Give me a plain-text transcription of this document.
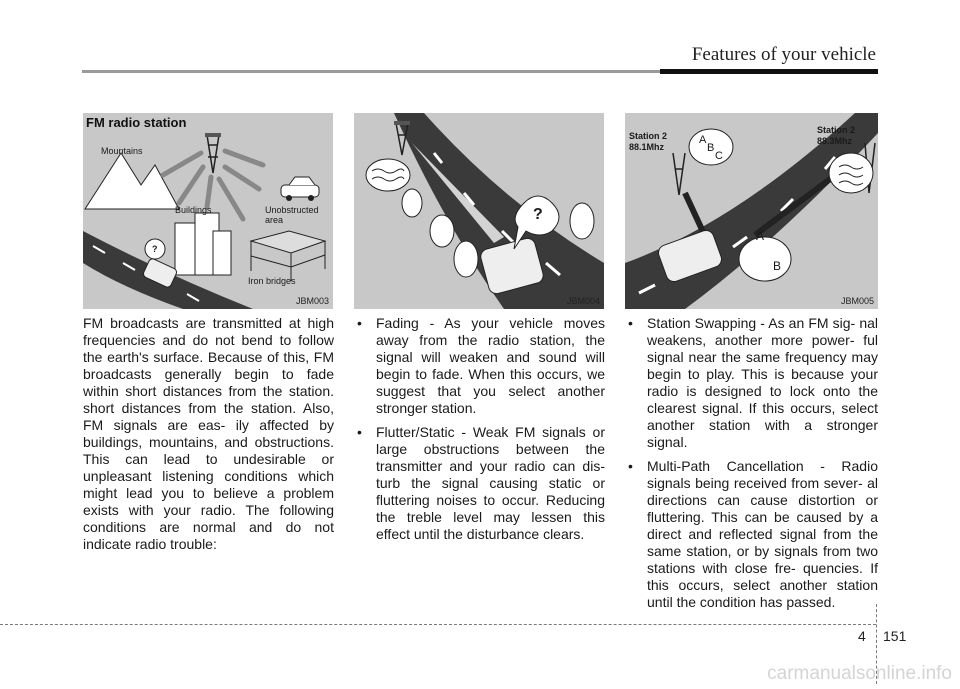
Features of your vehicle
FM radio station
Mountains
Buildings	Unobstructed area
Iron bridges
?
JBM003
?
JBM004
Station 2
88.1Mhz
Station 2
88.3Mhz
A
B
C
A
B
JBM005

FM broadcasts are transmitted at high frequencies and do not bend to follow the earth's surface. Because of this, FM broadcasts generally begin to fade within short distances from the station. short distances from the station. Also, FM signals are eas- ily affected by buildings, mountains, and obstructions. This can lead to undesirable or unpleasant listening conditions which might lead you to believe a problem exists with your radio. The following conditions are normal and do not indicate radio trouble:

• Fading - As your vehicle moves away from the radio station, the signal will weaken and sound will begin to fade. When this occurs, we suggest that you select another stronger station.
• Flutter/Static - Weak FM signals or large obstructions between the transmitter and your radio can dis- turb the signal causing static or fluttering noises to occur. Reducing the treble level may lessen this effect until the disturbance clears.
• Station Swapping - As an FM sig- nal weakens, another more power- ful signal near the same frequency may begin to play. This is because your radio is designed to lock onto the clearest signal. If this occurs, select another station with a stronger signal.
• Multi-Path Cancellation - Radio signals being received from sever- al directions can cause distortion or fluttering. This can be caused by a direct and reflected signal from the same station, or by signals from two stations with close fre- quencies. If this occurs, select another station until the condition has passed.
4 151
carmanualsonline.info
